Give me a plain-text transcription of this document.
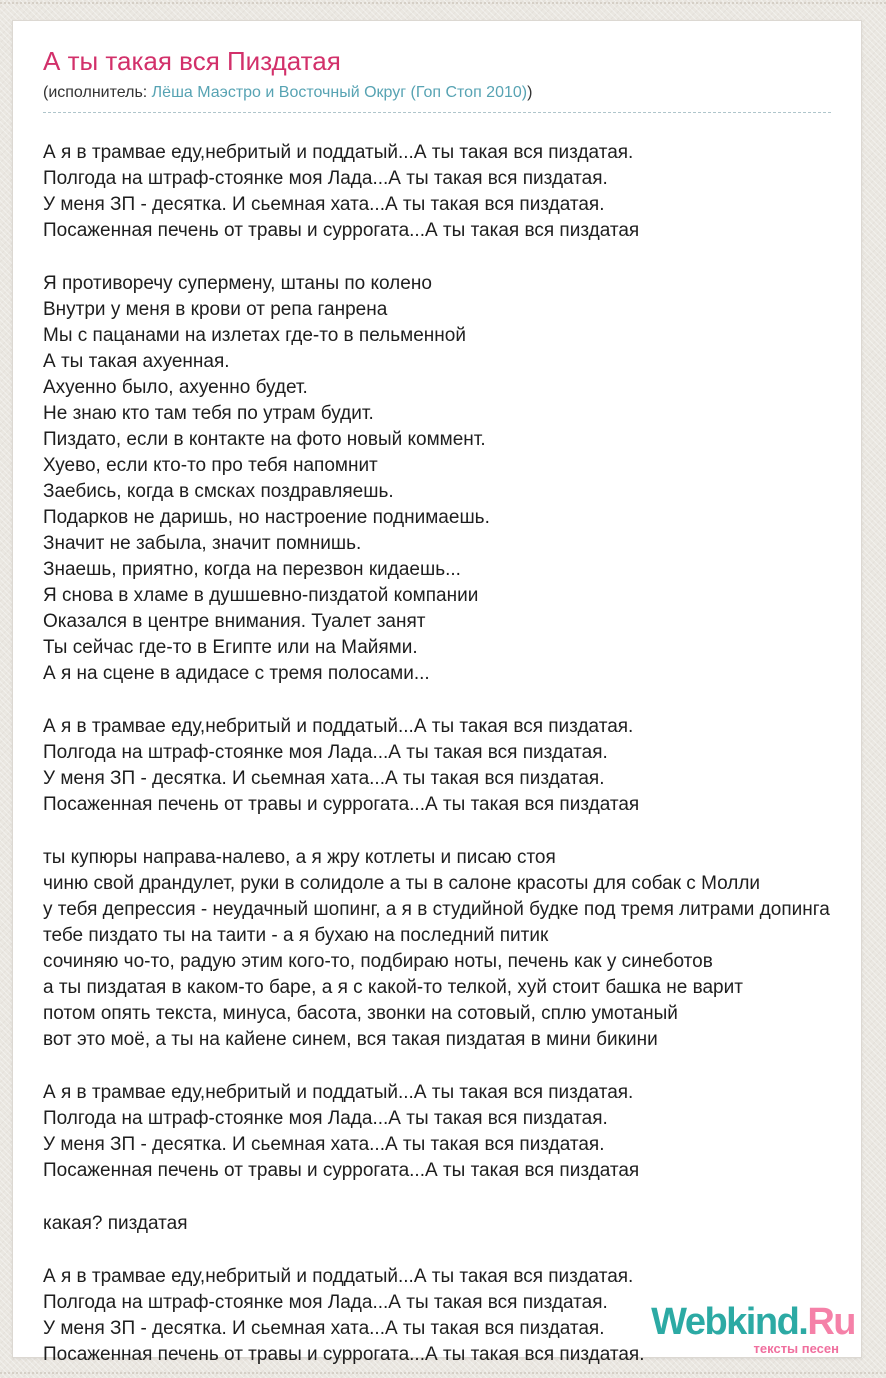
А ты такая вся Пиздатая
(исполнитель: Лёша Маэстро и Восточный Округ (Гоп Стоп 2010))

А я в трамвае еду,небритый и поддатый...А ты такая вся пиздатая.
Полгода на штраф-стоянке моя Лада...А ты такая вся пиздатая.
У меня ЗП - десятка. И сьемная хата...А ты такая вся пиздатая.
Посаженная печень от травы и суррогата...А ты такая вся пиздатая

Я противоречу супермену, штаны по колено
Внутри у меня в крови от репа ганрена
Мы с пацанами на излетах где-то в пельменной
А ты такая ахуенная.
Ахуенно было, ахуенно будет.
Не знаю кто там тебя по утрам будит.
Пиздато, если в контакте на фото новый коммент.
Хуево, если кто-то про тебя напомнит
Заебись, когда в смсках поздравляешь.
Подарков не даришь, но настроение поднимаешь.
Значит не забыла, значит помнишь.
Знаешь, приятно, когда на перезвон кидаешь...
Я снова в хламе в душшевно-пиздатой компании
Оказался в центре внимания. Туалет занят
Ты сейчас где-то в Египте или на Майями.
А я на сцене в адидасе с тремя полосами...

А я в трамвае еду,небритый и поддатый...А ты такая вся пиздатая.
Полгода на штраф-стоянке моя Лада...А ты такая вся пиздатая.
У меня ЗП - десятка. И сьемная хата...А ты такая вся пиздатая.
Посаженная печень от травы и суррогата...А ты такая вся пиздатая

ты купюры направа-налево, а я жру котлеты и писаю стоя
чиню свой драндулет, руки в солидоле а ты в салоне красоты для собак с Молли
у тебя депрессия - неудачный шопинг, а я в студийной будке под тремя литрами допинга
тебе пиздато ты на таити - а я бухаю на последний питик
сочиняю чо-то, радую этим кого-то, подбираю ноты, печень как у синеботов
а ты пиздатая в каком-то баре, а я с какой-то телкой, хуй стоит башка не варит
потом опять текста, минуса, басота, звонки на сотовый, сплю умотаный
вот это моё, а ты на кайене синем, вся такая пиздатая в мини бикини

А я в трамвае еду,небритый и поддатый...А ты такая вся пиздатая.
Полгода на штраф-стоянке моя Лада...А ты такая вся пиздатая.
У меня ЗП - десятка. И сьемная хата...А ты такая вся пиздатая.
Посаженная печень от травы и суррогата...А ты такая вся пиздатая

какая? пиздатая

А я в трамвае еду,небритый и поддатый...А ты такая вся пиздатая.
Полгода на штраф-стоянке моя Лада...А ты такая вся пиздатая.
У меня ЗП - десятка. И сьемная хата...А ты такая вся пиздатая.
Посаженная печень от травы и суррогата...А ты такая вся пиздатая.

Webkind.Ru
тексты песен
